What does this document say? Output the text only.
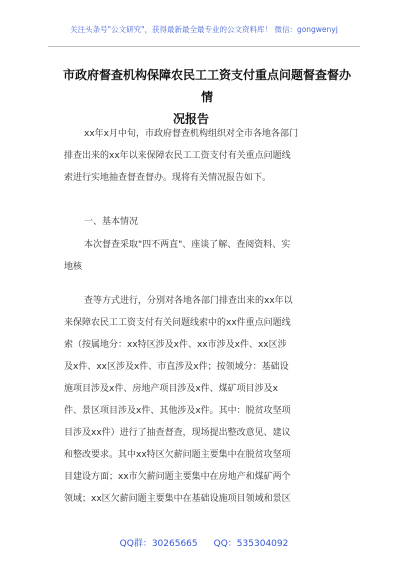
关注头条号"公文研究"，获得最新最全最专业的公文资料库！ 微信：gongwenyj
市政府督查机构保障农民工工资支付重点问题督查督办情
况报告
xx年x月中旬，市政府督查机构组织对全市各地各部门
排查出来的xx年以来保障农民工工资支付有关重点问题线
索进行实地抽查督查督办。现将有关情况报告如下。
一、基本情况
本次督查采取"四不两直"、座谈了解、查阅资料、实
地核
查等方式进行，分别对各地各部门排查出来的xx年以
来保障农民工工资支付有关问题线索中的xx件重点问题线
索（按属地分：xx特区涉及x件、xx市涉及x件、xx区涉
及x件、xx区涉及x件、市直涉及x件；按领域分：基础设
施项目涉及x件、房地产项目涉及x件、煤矿项目涉及x
件、景区项目涉及x件、其他涉及x件。其中：脱贫攻坚项
目涉及xx件）进行了抽查督查，现场提出整改意见、建议
和整改要求。其中xx特区欠薪问题主要集中在脱贫攻坚项
目建设方面；xx市欠薪问题主要集中在房地产和煤矿两个
领域；xx区欠薪问题主要集中在基础设施项目领域和景区
QQ群：30265665 QQ：535304092
